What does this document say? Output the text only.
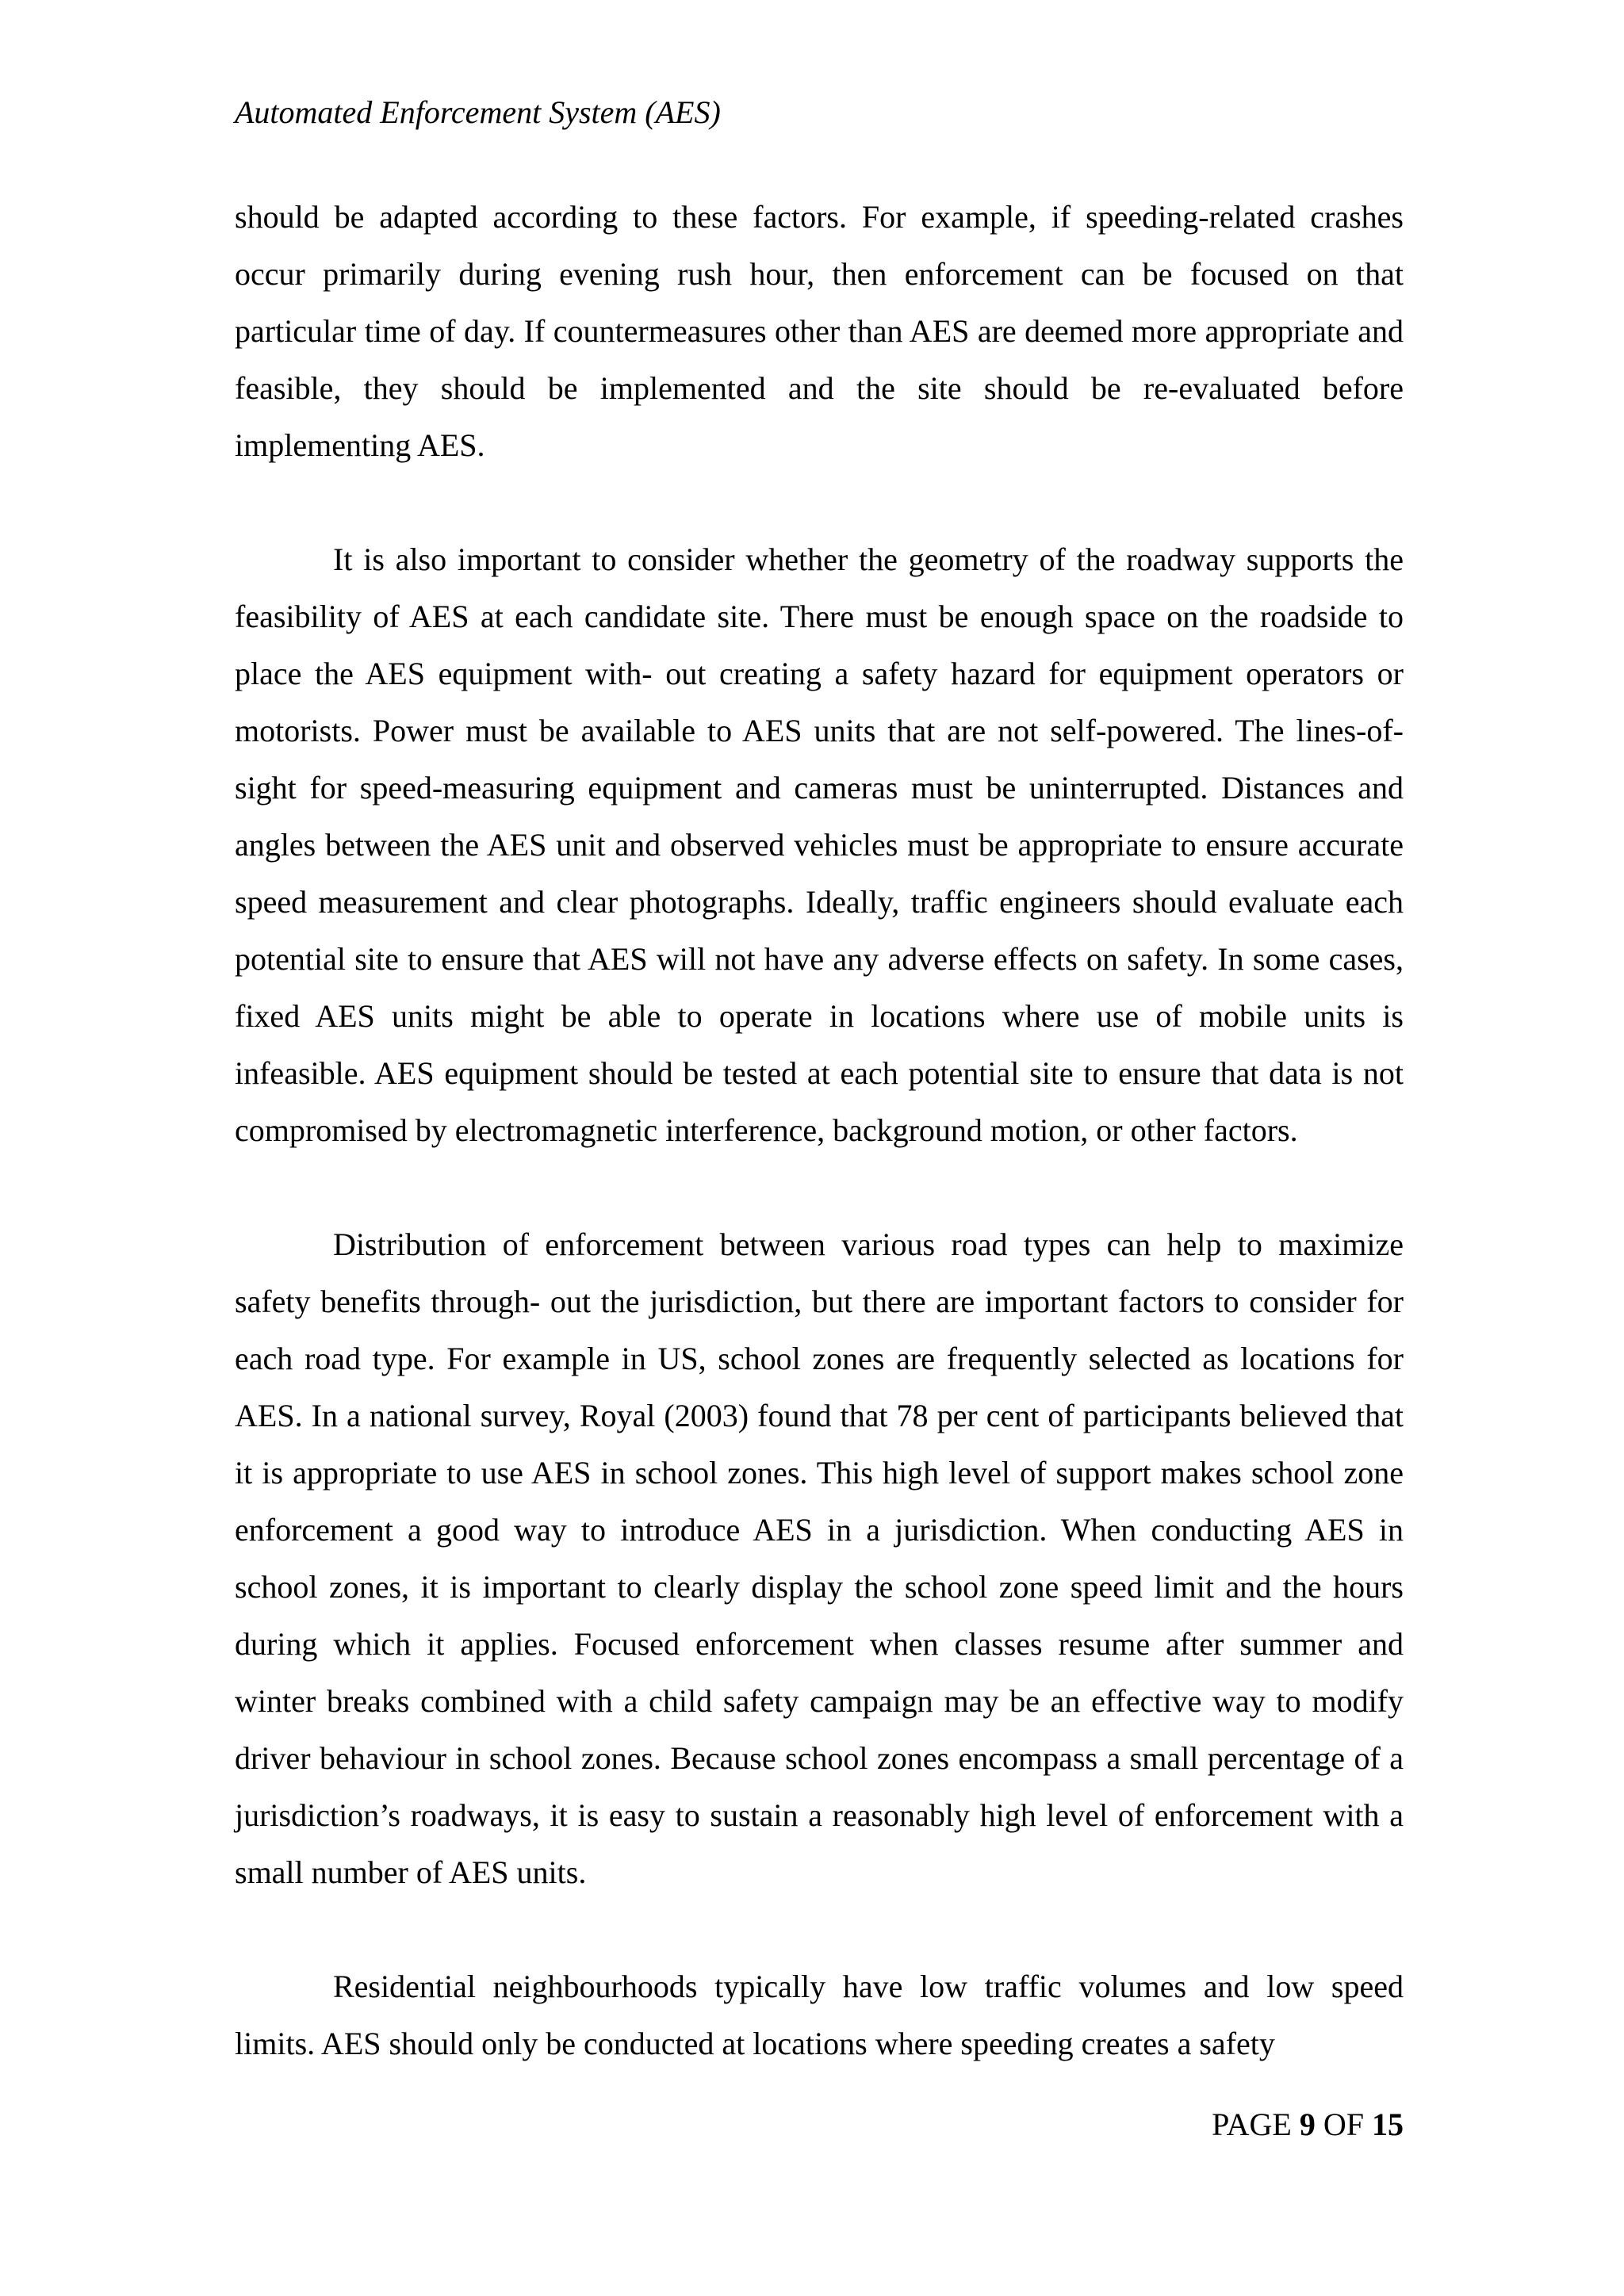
Automated Enforcement System (AES)

should be adapted according to these factors. For example, if speeding-related crashes occur primarily during evening rush hour, then enforcement can be focused on that particular time of day. If countermeasures other than AES are deemed more appropriate and feasible, they should be implemented and the site should be re-evaluated before implementing AES.

It is also important to consider whether the geometry of the roadway supports the feasibility of AES at each candidate site. There must be enough space on the roadside to place the AES equipment with- out creating a safety hazard for equipment operators or motorists. Power must be available to AES units that are not self-powered. The lines-of-sight for speed-measuring equipment and cameras must be uninterrupted. Distances and angles between the AES unit and observed vehicles must be appropriate to ensure accurate speed measurement and clear photographs. Ideally, traffic engineers should evaluate each potential site to ensure that AES will not have any adverse effects on safety. In some cases, fixed AES units might be able to operate in locations where use of mobile units is infeasible. AES equipment should be tested at each potential site to ensure that data is not compromised by electromagnetic interference, background motion, or other factors.

Distribution of enforcement between various road types can help to maximize safety benefits through- out the jurisdiction, but there are important factors to consider for each road type. For example in US, school zones are frequently selected as locations for AES. In a national survey, Royal (2003) found that 78 per cent of participants believed that it is appropriate to use AES in school zones. This high level of support makes school zone enforcement a good way to introduce AES in a jurisdiction. When conducting AES in school zones, it is important to clearly display the school zone speed limit and the hours during which it applies. Focused enforcement when classes resume after summer and winter breaks combined with a child safety campaign may be an effective way to modify driver behaviour in school zones. Because school zones encompass a small percentage of a jurisdiction’s roadways, it is easy to sustain a reasonably high level of enforcement with a small number of AES units.

Residential neighbourhoods typically have low traffic volumes and low speed limits. AES should only be conducted at locations where speeding creates a safety

PAGE 9 OF 15
